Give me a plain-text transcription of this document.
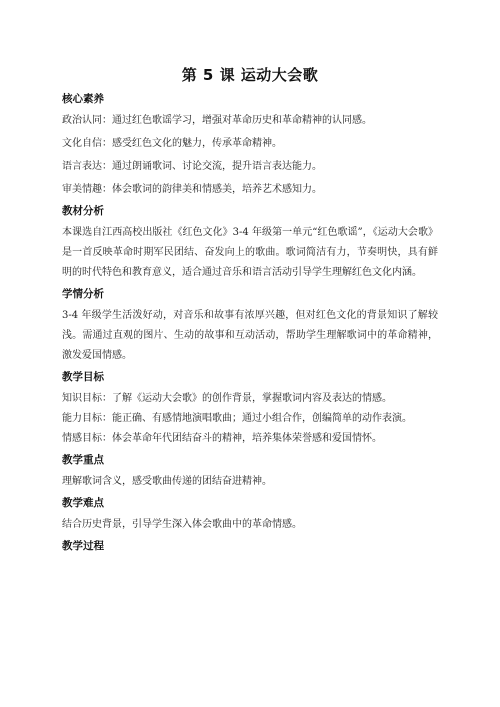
第 5 课 运动大会歌
核心素养

政治认同：通过红色歌谣学习，增强对革命历史和革命精神的认同感。

文化自信：感受红色文化的魅力，传承革命精神。

语言表达：通过朗诵歌词、讨论交流，提升语言表达能力。

审美情趣：体会歌词的韵律美和情感美，培养艺术感知力。

教材分析

本课选自江西高校出版社《红色文化》3-4 年级第一单元“红色歌谣”，《运动大会歌》是一首反映革命时期军民团结、奋发向上的歌曲。歌词简洁有力，节奏明快，具有鲜明的时代特色和教育意义，适合通过音乐和语言活动引导学生理解红色文化内涵。

学情分析

3-4 年级学生活泼好动，对音乐和故事有浓厚兴趣，但对红色文化的背景知识了解较浅。需通过直观的图片、生动的故事和互动活动，帮助学生理解歌词中的革命精神，激发爱国情感。

教学目标

知识目标：了解《运动大会歌》的创作背景，掌握歌词内容及表达的情感。

能力目标：能正确、有感情地演唱歌曲；通过小组合作，创编简单的动作表演。

情感目标：体会革命年代团结奋斗的精神，培养集体荣誉感和爱国情怀。

教学重点

理解歌词含义，感受歌曲传递的团结奋进精神。

教学难点

结合历史背景，引导学生深入体会歌曲中的革命情感。

教学过程
